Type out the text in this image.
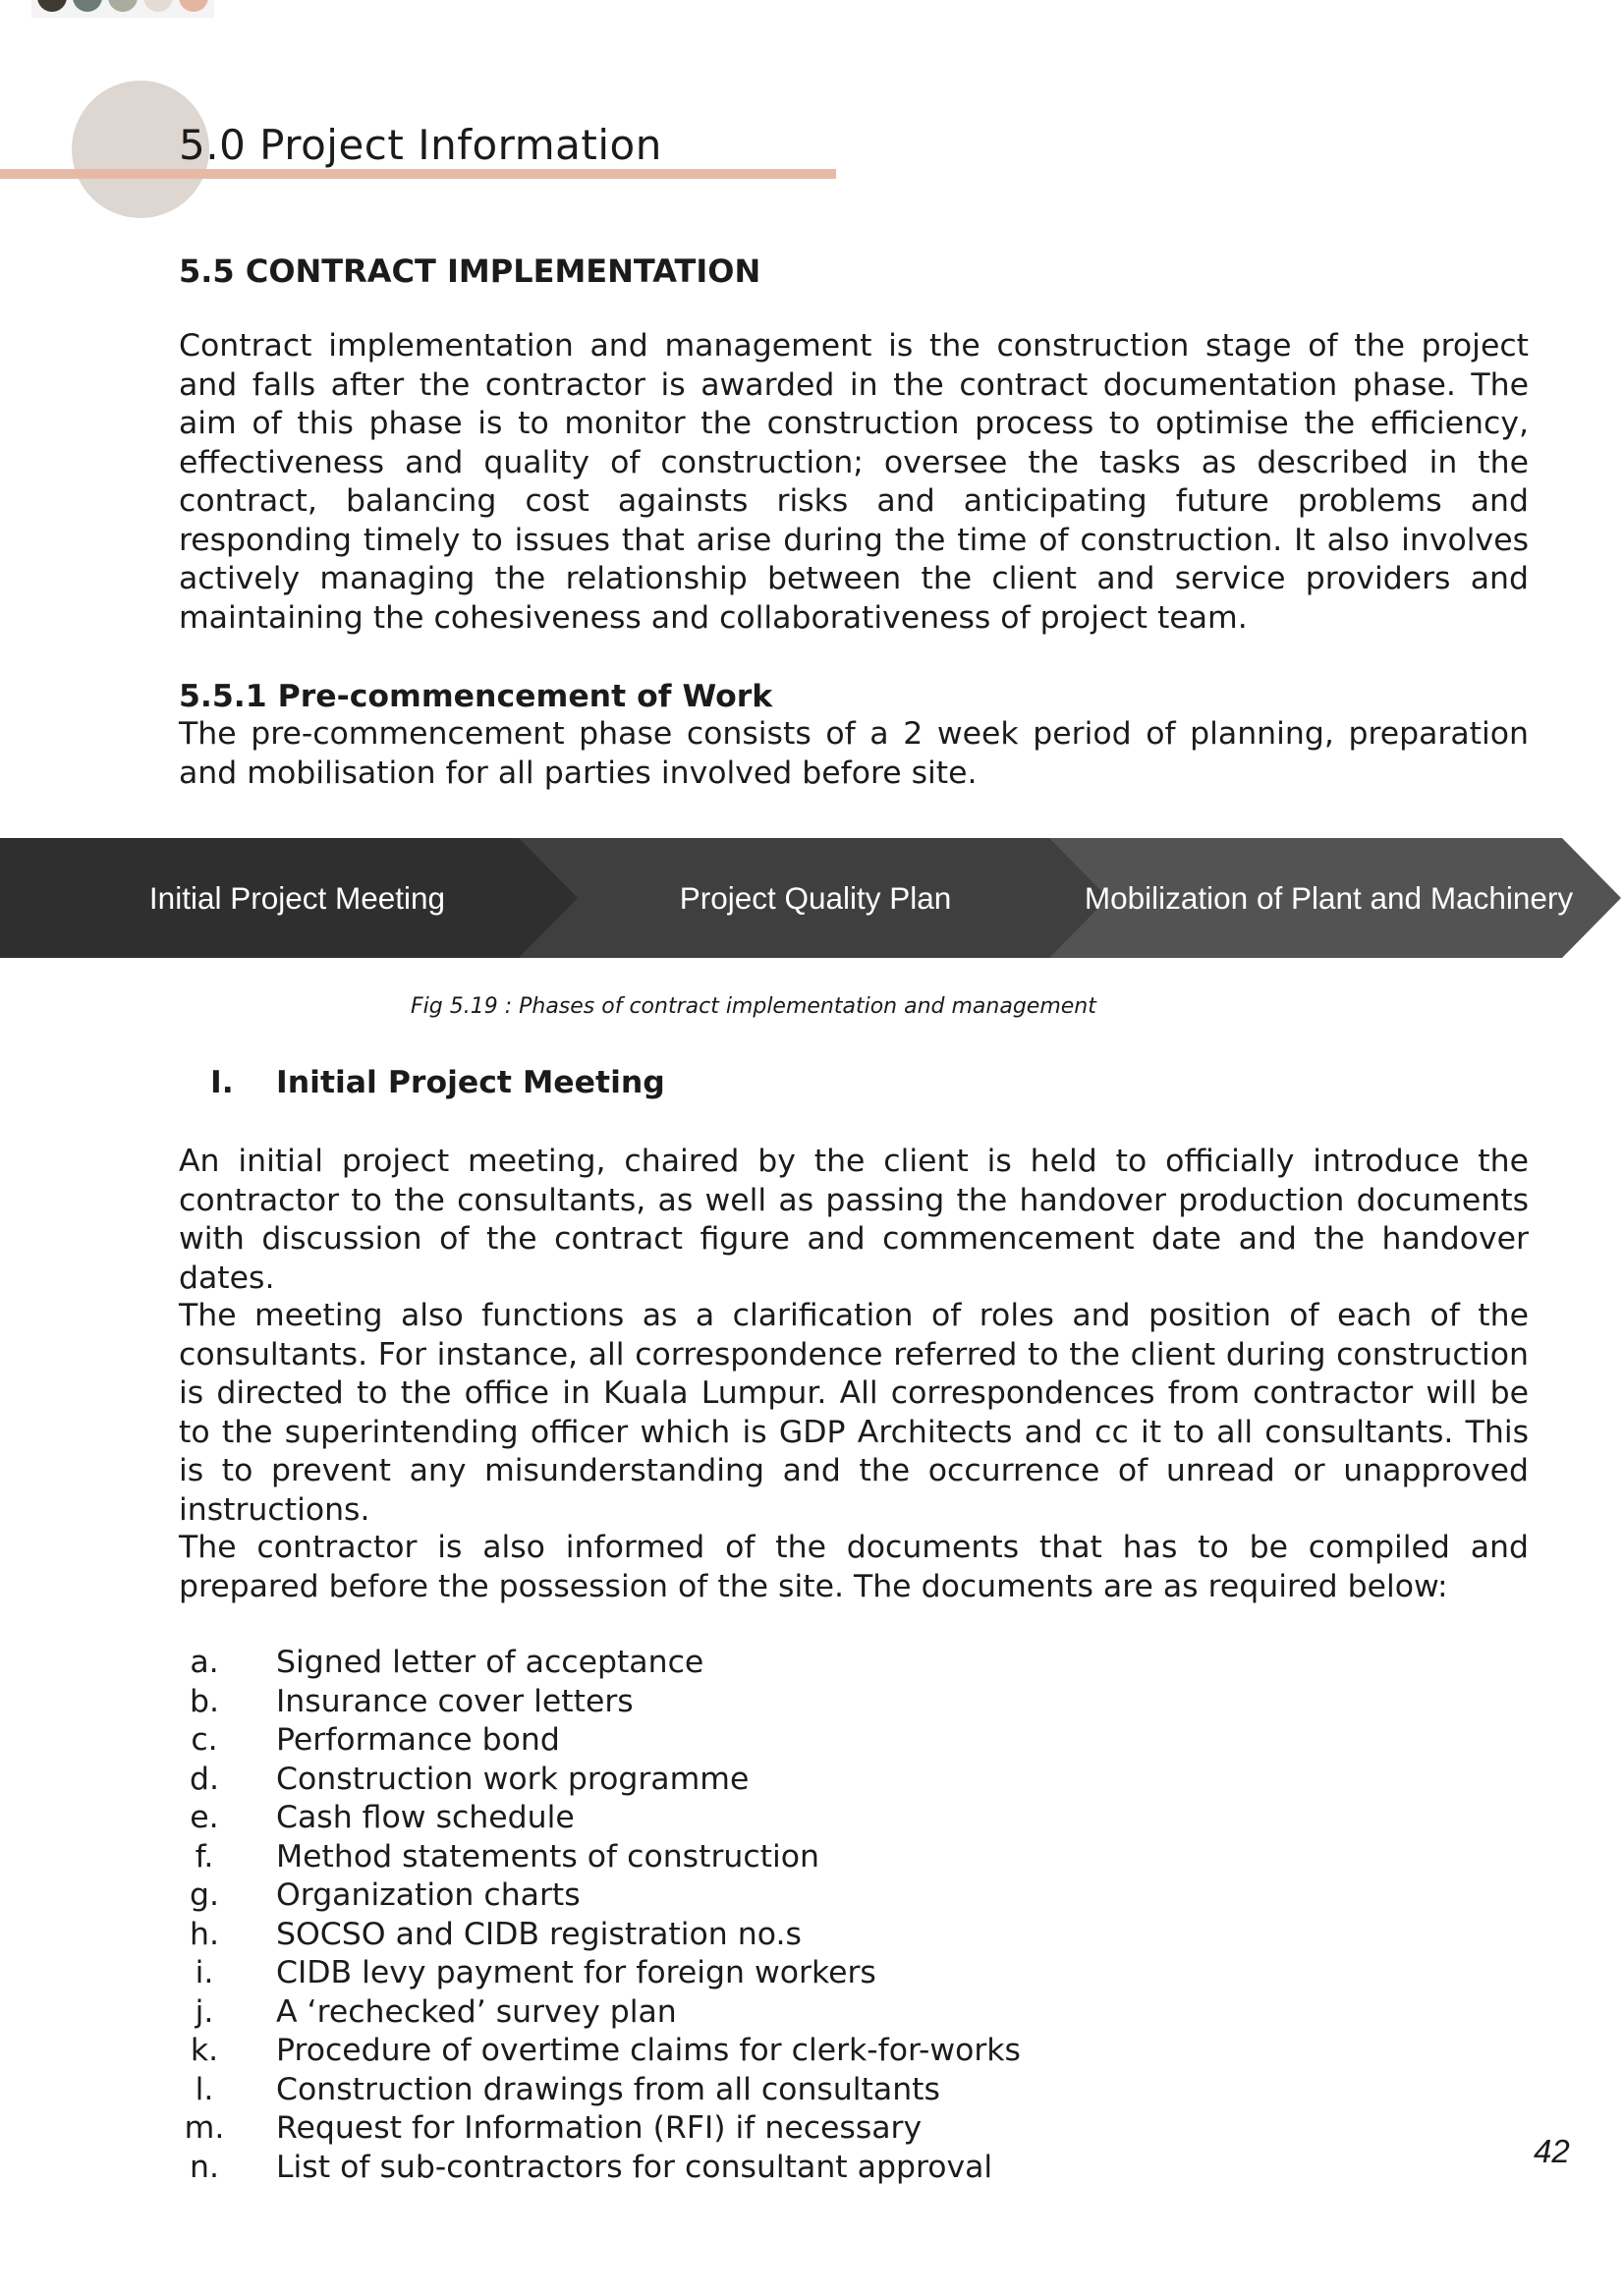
5.0 Project Information
5.5 CONTRACT IMPLEMENTATION
Contract implementation and management is the construction stage of the project and falls after the contractor is awarded in the contract documentation phase. The aim of this phase is to monitor the construction process to optimise the efficiency, effectiveness and quality of construction; oversee the tasks as described in the contract, balancing cost againsts risks and anticipating future problems and responding timely to issues that arise during the time of construction. It also involves actively managing the relationship between the client and service providers and maintaining the cohesiveness and collaborativeness of project team.
5.5.1 Pre-commencement of Work
The pre-commencement phase consists of a 2 week period of planning, preparation and mobilisation for all parties involved before site.
Initial Project Meeting	Project Quality Plan	Mobilization of Plant and Machinery
Fig 5.19 : Phases of contract implementation and management
I. Initial Project Meeting
An initial project meeting, chaired by the client is held to officially introduce the contractor to the consultants, as well as passing the handover production documents with discussion of the contract figure and commencement date and the handover dates.
The meeting also functions as a clarification of roles and position of each of the consultants. For instance, all correspondence referred to the client during construction is directed to the office in Kuala Lumpur. All correspondences from contractor will be to the superintending officer which is GDP Architects and cc it to all consultants. This is to prevent any misunderstanding and the occurrence of unread or unapproved instructions.
The contractor is also informed of the documents that has to be compiled and prepared before the possession of the site. The documents are as required below:
a.	Signed letter of acceptance
b.	Insurance cover letters
c.	Performance bond
d.	Construction work programme
e.	Cash flow schedule
f.	Method statements of construction
g.	Organization charts
h.	SOCSO and CIDB registration no.s
i.	CIDB levy payment for foreign workers
j.	A ‘rechecked’ survey plan
k.	Procedure of overtime claims for clerk-for-works
l.	Construction drawings from all consultants
m. Request for Information (RFI) if necessary
n.	List of sub-contractors for consultant approval	42
